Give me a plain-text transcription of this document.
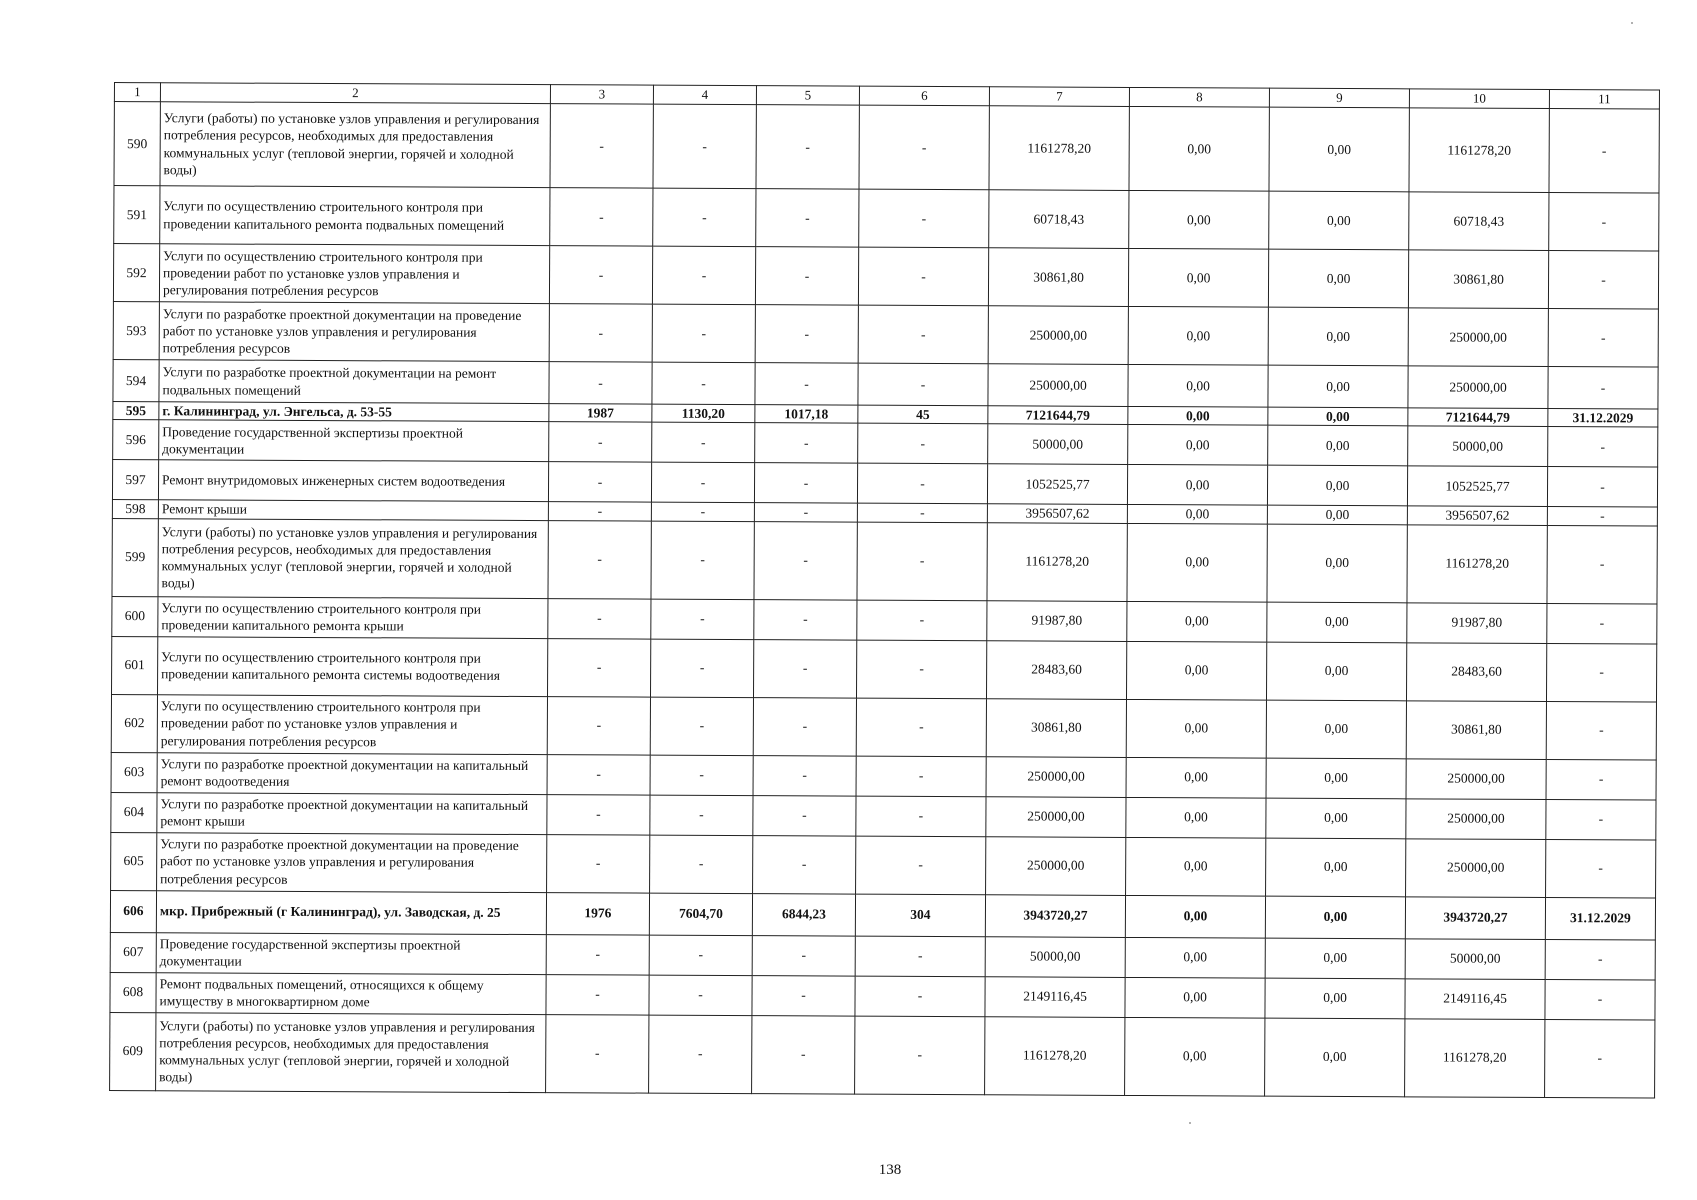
1	2	3	4	5	6	7	8	9	10	11
590	Услуги (работы) по установке узлов управления и регулирования потребления ресурсов, необходимых для предоставления коммунальных услуг (тепловой энергии, горячей и холодной воды)	-	-	-	-	1161278,20	0,00	0,00	1161278,20	-
591	Услуги по осуществлению строительного контроля при проведении капитального ремонта подвальных помещений	-	-	-	-	60718,43	0,00	0,00	60718,43	-
592	Услуги по осуществлению строительного контроля при проведении работ по установке узлов управления и регулирования потребления ресурсов	-	-	-	-	30861,80	0,00	0,00	30861,80	-
593	Услуги по разработке проектной документации на проведение работ по установке узлов управления и регулирования потребления ресурсов	-	-	-	-	250000,00	0,00	0,00	250000,00	-
594	Услуги по разработке проектной документации на ремонт подвальных помещений	-	-	-	-	250000,00	0,00	0,00	250000,00	-
595	г. Калининград, ул. Энгельса, д. 53-55	1987	1130,20	1017,18	45	7121644,79	0,00	0,00	7121644,79	31.12.2029
596	Проведение государственной экспертизы проектной документации	-	-	-	-	50000,00	0,00	0,00	50000,00	-
597	Ремонт внутридомовых инженерных систем водоотведения	-	-	-	-	1052525,77	0,00	0,00	1052525,77	-
598	Ремонт крыши	-	-	-	-	3956507,62	0,00	0,00	3956507,62	-
599	Услуги (работы) по установке узлов управления и регулирования потребления ресурсов, необходимых для предоставления коммунальных услуг (тепловой энергии, горячей и холодной воды)	-	-	-	-	1161278,20	0,00	0,00	1161278,20	-
600	Услуги по осуществлению строительного контроля при проведении капитального ремонта крыши	-	-	-	-	91987,80	0,00	0,00	91987,80	-
601	Услуги по осуществлению строительного контроля при проведении капитального ремонта системы водоотведения	-	-	-	-	28483,60	0,00	0,00	28483,60	-
602	Услуги по осуществлению строительного контроля при проведении работ по установке узлов управления и регулирования потребления ресурсов	-	-	-	-	30861,80	0,00	0,00	30861,80	-
603	Услуги по разработке проектной документации на капитальный ремонт водоотведения	-	-	-	-	250000,00	0,00	0,00	250000,00	-
604	Услуги по разработке проектной документации на капитальный ремонт крыши	-	-	-	-	250000,00	0,00	0,00	250000,00	-
605	Услуги по разработке проектной документации на проведение работ по установке узлов управления и регулирования потребления ресурсов	-	-	-	-	250000,00	0,00	0,00	250000,00	-
606	мкр. Прибрежный (г Калининград), ул. Заводская, д. 25	1976	7604,70	6844,23	304	3943720,27	0,00	0,00	3943720,27	31.12.2029
607	Проведение государственной экспертизы проектной документации	-	-	-	-	50000,00	0,00	0,00	50000,00	-
608	Ремонт подвальных помещений, относящихся к общему имуществу в многоквартирном доме	-	-	-	-	2149116,45	0,00	0,00	2149116,45	-
609	Услуги (работы) по установке узлов управления и регулирования потребления ресурсов, необходимых для предоставления коммунальных услуг (тепловой энергии, горячей и холодной воды)	-	-	-	-	1161278,20	0,00	0,00	1161278,20	-
138
